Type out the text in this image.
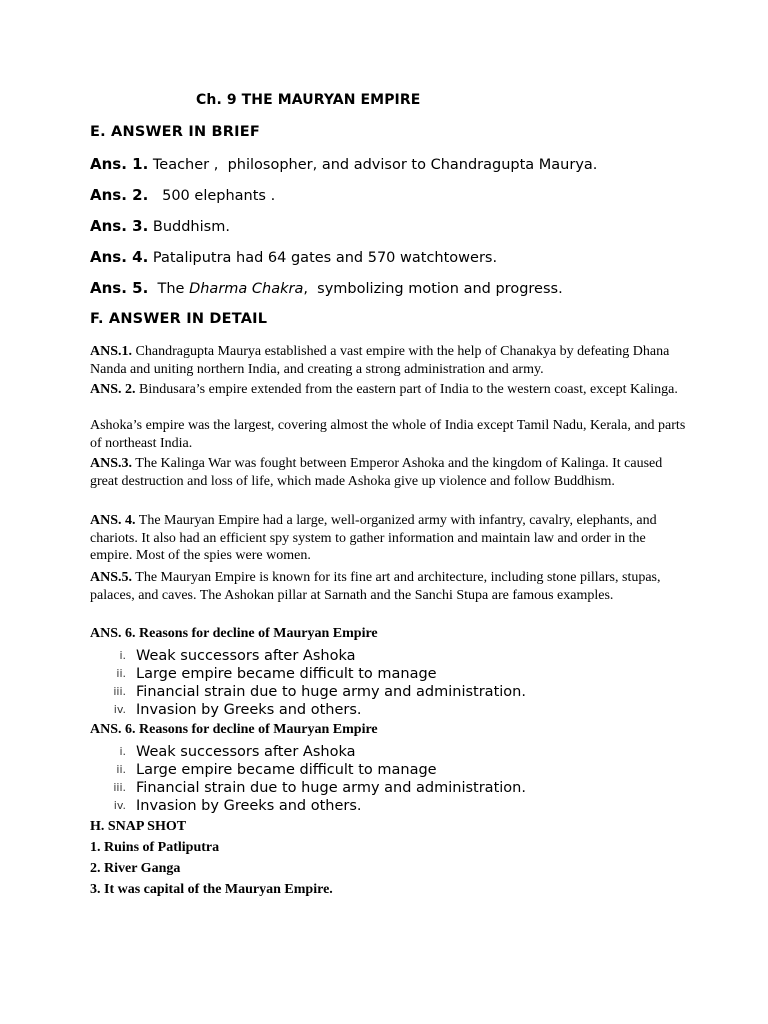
Ch. 9 THE MAURYAN EMPIRE
E. ANSWER IN BRIEF
Ans. 1. Teacher ,  philosopher, and advisor to Chandragupta Maurya.
Ans. 2.   500 elephants .
Ans. 3. Buddhism.
Ans. 4. Pataliputra had 64 gates and 570 watchtowers.
Ans. 5.  The Dharma Chakra,  symbolizing motion and progress.
F. ANSWER IN DETAIL
ANS.1. Chandragupta Maurya established a vast empire with the help of Chanakya by defeating Dhana Nanda and uniting northern India, and creating a strong administration and army.
ANS. 2. Bindusara’s empire extended from the eastern part of India to the western coast, except Kalinga.
Ashoka’s empire was the largest, covering almost the whole of India except Tamil Nadu, Kerala, and parts of northeast India.
ANS.3. The Kalinga War was fought between Emperor Ashoka and the kingdom of Kalinga. It caused great destruction and loss of life, which made Ashoka give up violence and follow Buddhism.
ANS. 4. The Mauryan Empire had a large, well-organized army with infantry, cavalry, elephants, and chariots. It also had an efficient spy system to gather information and maintain law and order in the empire. Most of the spies were women.
ANS.5. The Mauryan Empire is known for its fine art and architecture, including stone pillars, stupas, palaces, and caves. The Ashokan pillar at Sarnath and the Sanchi Stupa are famous examples.
ANS. 6. Reasons for decline of Mauryan Empire
i. Weak successors after Ashoka
ii. Large empire became difficult to manage
iii. Financial strain due to huge army and administration.
iv. Invasion by Greeks and others.
ANS. 6. Reasons for decline of Mauryan Empire
i. Weak successors after Ashoka
ii. Large empire became difficult to manage
iii. Financial strain due to huge army and administration.
iv. Invasion by Greeks and others.
H. SNAP SHOT
1. Ruins of Patliputra
2. River Ganga
3. It was capital of the Mauryan Empire.
